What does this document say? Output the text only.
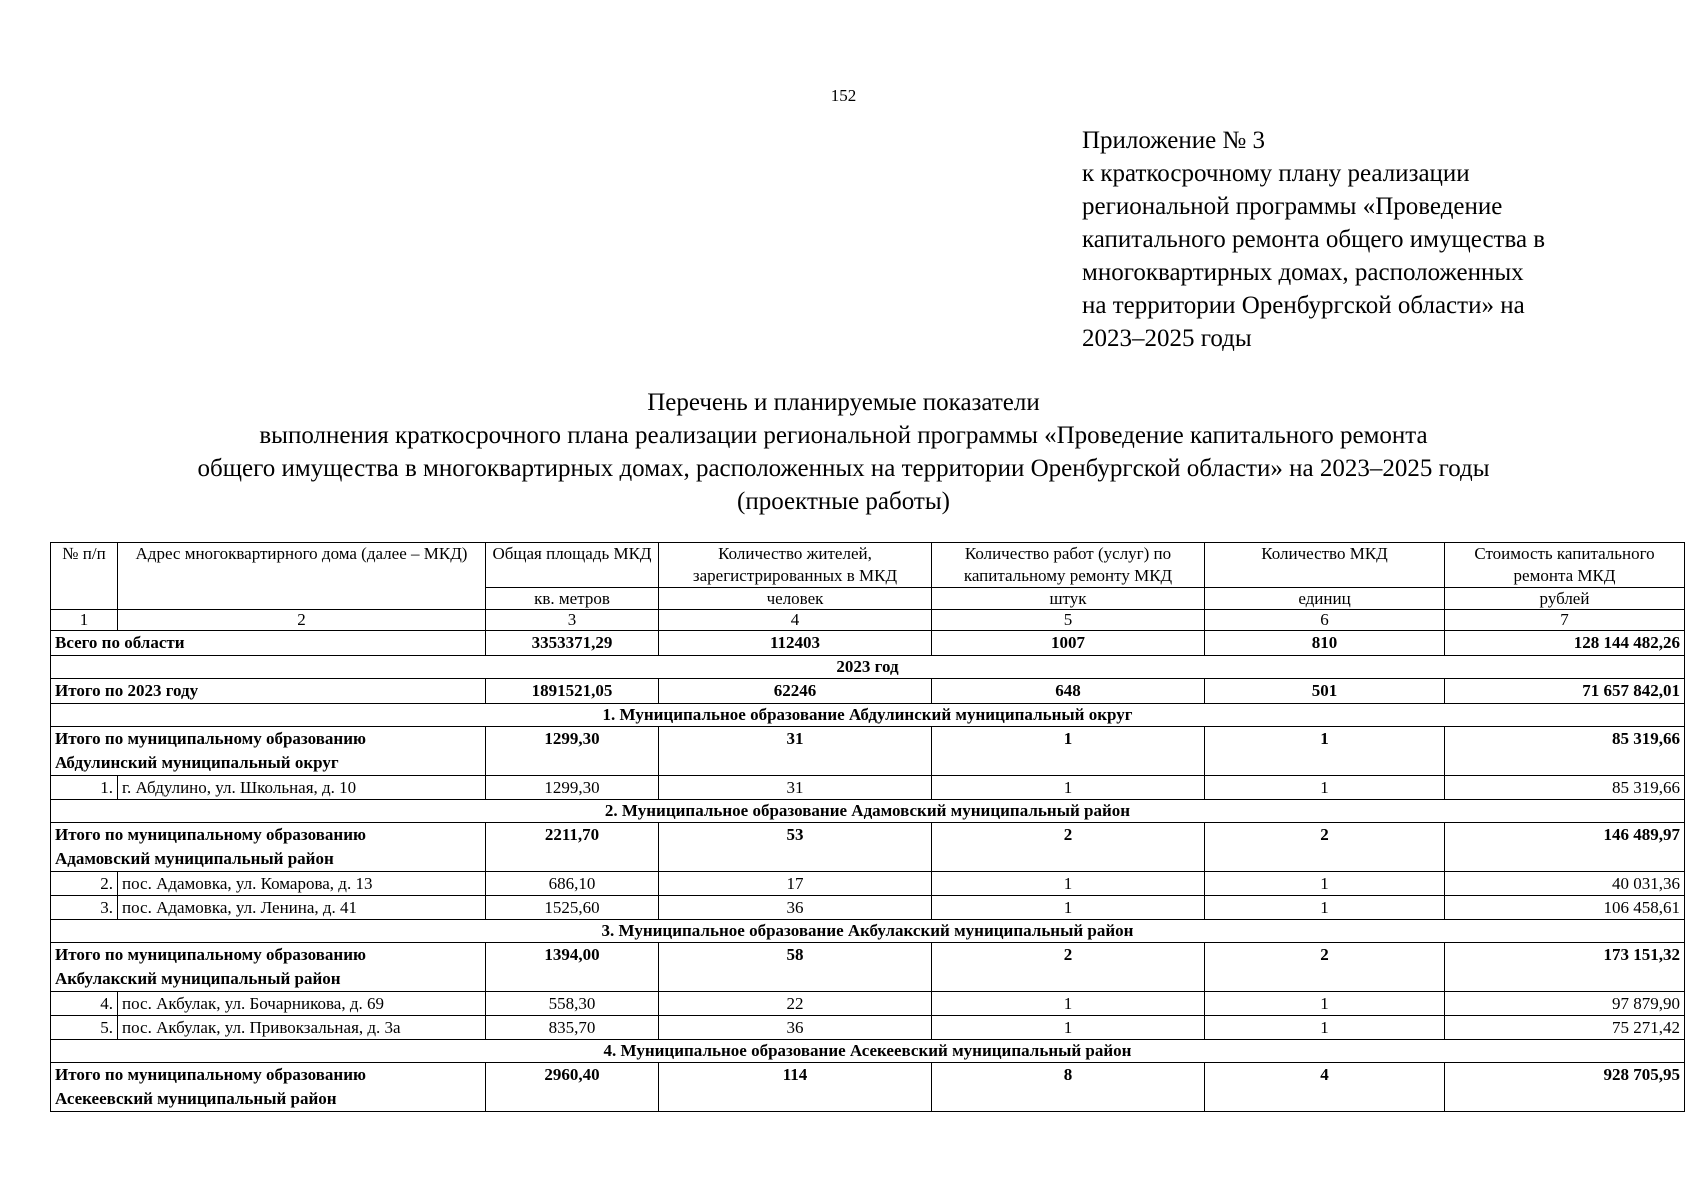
152
Приложение № 3
к краткосрочному плану реализации
региональной программы «Проведение
капитального ремонта общего имущества в
многоквартирных домах, расположенных
на территории Оренбургской области» на
2023–2025 годы
Перечень и планируемые показатели
выполнения краткосрочного плана реализации региональной программы «Проведение капитального ремонта
общего имущества в многоквартирных домах, расположенных на территории Оренбургской области» на 2023–2025 годы
(проектные работы)
№ п/п	Адрес многоквартирного дома (далее – МКД)	Общая площадь МКД	Количество жителей, зарегистрированных в МКД	Количество работ (услуг) по капитальному ремонту МКД	Количество МКД	Стоимость капитального ремонта МКД
		кв. метров	человек	штук	единиц	рублей
1	2	3	4	5	6	7
Всего по области		3353371,29	112403	1007	810	128 144 482,26
2023 год						
Итого по 2023 году		1891521,05	62246	648	501	71 657 842,01
1. Муниципальное образование Абдулинский муниципальный округ						

Итого по муниципальному образованию
Абдулинский муниципальный округ		1299,30	31	1	1	85 319,66
1.	г. Абдулино, ул. Школьная, д. 10	1299,30	31	1	1	85 319,66
2. Муниципальное образование Адамовский муниципальный район						

Итого по муниципальному образованию
Адамовский муниципальный район		2211,70	53	2	2	146 489,97
2.	пос. Адамовка, ул. Комарова, д. 13	686,10	17	1	1	40 031,36
3.	пос. Адамовка, ул. Ленина, д. 41	1525,60	36	1	1	106 458,61
3. Муниципальное образование Акбулакский муниципальный район						

Итого по муниципальному образованию
Акбулакский муниципальный район		1394,00	58	2	2	173 151,32
4.	пос. Акбулак, ул. Бочарникова, д. 69	558,30	22	1	1	97 879,90
5.	пос. Акбулак, ул. Привокзальная, д. 3а	835,70	36	1	1	75 271,42
4. Муниципальное образование Асекеевский муниципальный район						

Итого по муниципальному образованию
Асекеевский муниципальный район		2960,40	114	8	4	928 705,95
